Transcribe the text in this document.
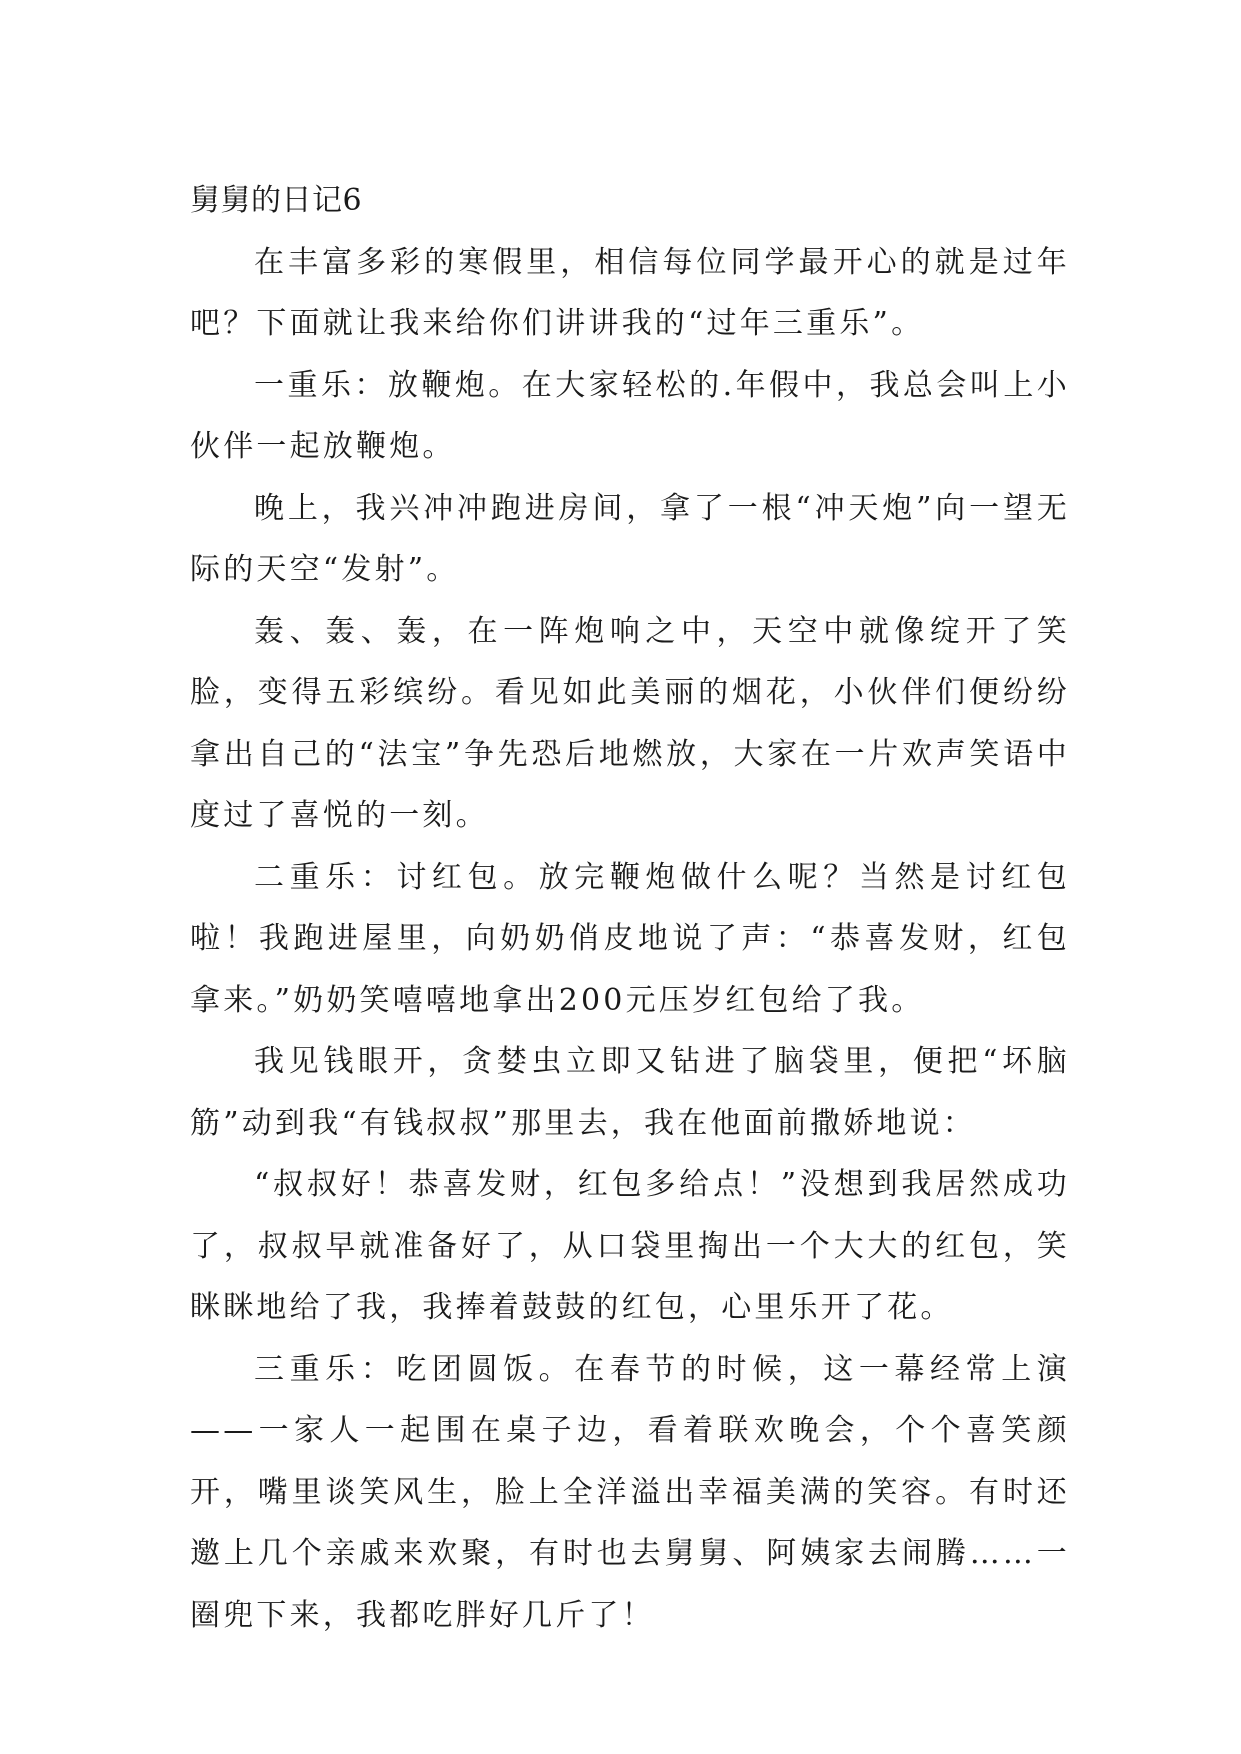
舅舅的日记6

在丰富多彩的寒假里，相信每位同学最开心的就是过年吧？下面就让我来给你们讲讲我的“过年三重乐”。

一重乐：放鞭炮。在大家轻松的.年假中，我总会叫上小伙伴一起放鞭炮。

晚上，我兴冲冲跑进房间，拿了一根“冲天炮”向一望无际的天空“发射”。

轰、轰、轰，在一阵炮响之中，天空中就像绽开了笑脸，变得五彩缤纷。看见如此美丽的烟花，小伙伴们便纷纷拿出自己的“法宝”争先恐后地燃放，大家在一片欢声笑语中度过了喜悦的一刻。

二重乐：讨红包。放完鞭炮做什么呢？当然是讨红包啦！我跑进屋里，向奶奶俏皮地说了声：“恭喜发财，红包拿来。”奶奶笑嘻嘻地拿出200元压岁红包给了我。

我见钱眼开，贪婪虫立即又钻进了脑袋里，便把“坏脑筋”动到我“有钱叔叔”那里去，我在他面前撒娇地说：

“叔叔好！恭喜发财，红包多给点！”没想到我居然成功了，叔叔早就准备好了，从口袋里掏出一个大大的红包，笑眯眯地给了我，我捧着鼓鼓的红包，心里乐开了花。

三重乐：吃团圆饭。在春节的时候，这一幕经常上演——一家人一起围在桌子边，看着联欢晚会，个个喜笑颜开，嘴里谈笑风生，脸上全洋溢出幸福美满的笑容。有时还邀上几个亲戚来欢聚，有时也去舅舅、阿姨家去闹腾……一圈兜下来，我都吃胖好几斤了！
